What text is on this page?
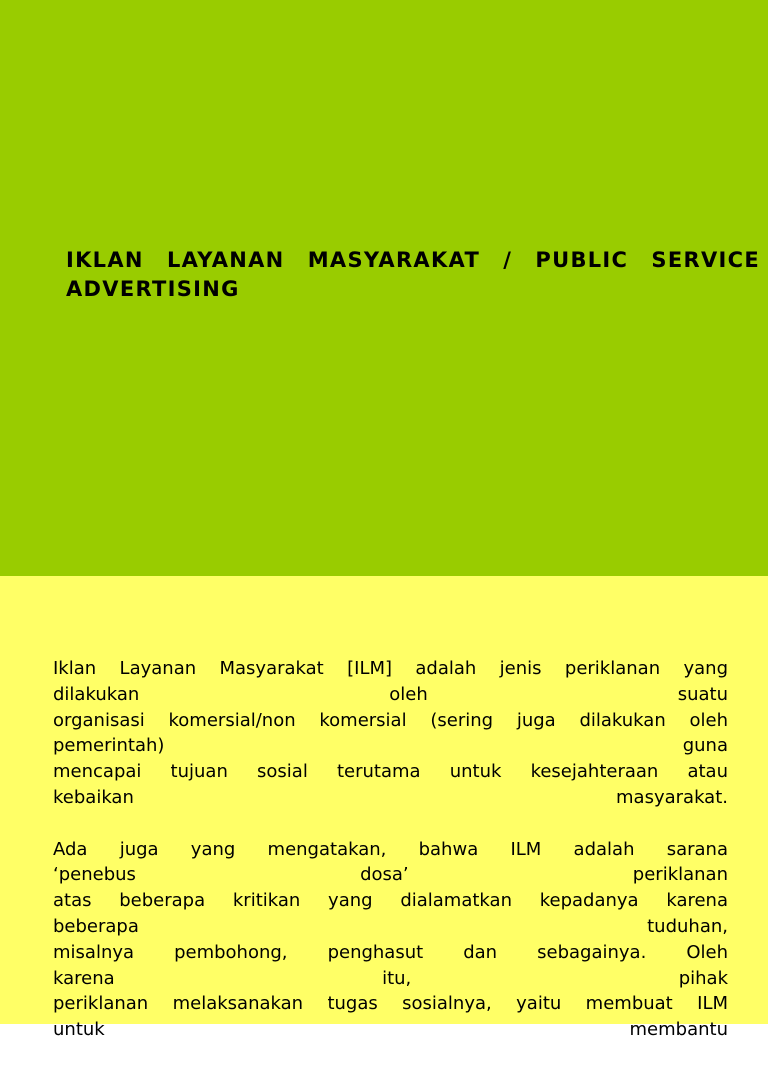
IKLAN LAYANAN MASYARAKAT / PUBLIC SERVICE
ADVERTISING
Iklan Layanan Masyarakat [ILM] adalah jenis periklanan yang
dilakukan oleh suatu
organisasi komersial/non komersial (sering juga dilakukan oleh
pemerintah) guna
mencapai tujuan sosial terutama untuk kesejahteraan atau
kebaikan masyarakat.
Ada juga yang mengatakan, bahwa ILM adalah sarana
‘penebus dosa’ periklanan
atas beberapa kritikan yang dialamatkan kepadanya karena
beberapa tuduhan,
misalnya pembohong, penghasut dan sebagainya. Oleh
karena itu, pihak
periklanan melaksanakan tugas sosialnya, yaitu membuat ILM
untuk membantu
